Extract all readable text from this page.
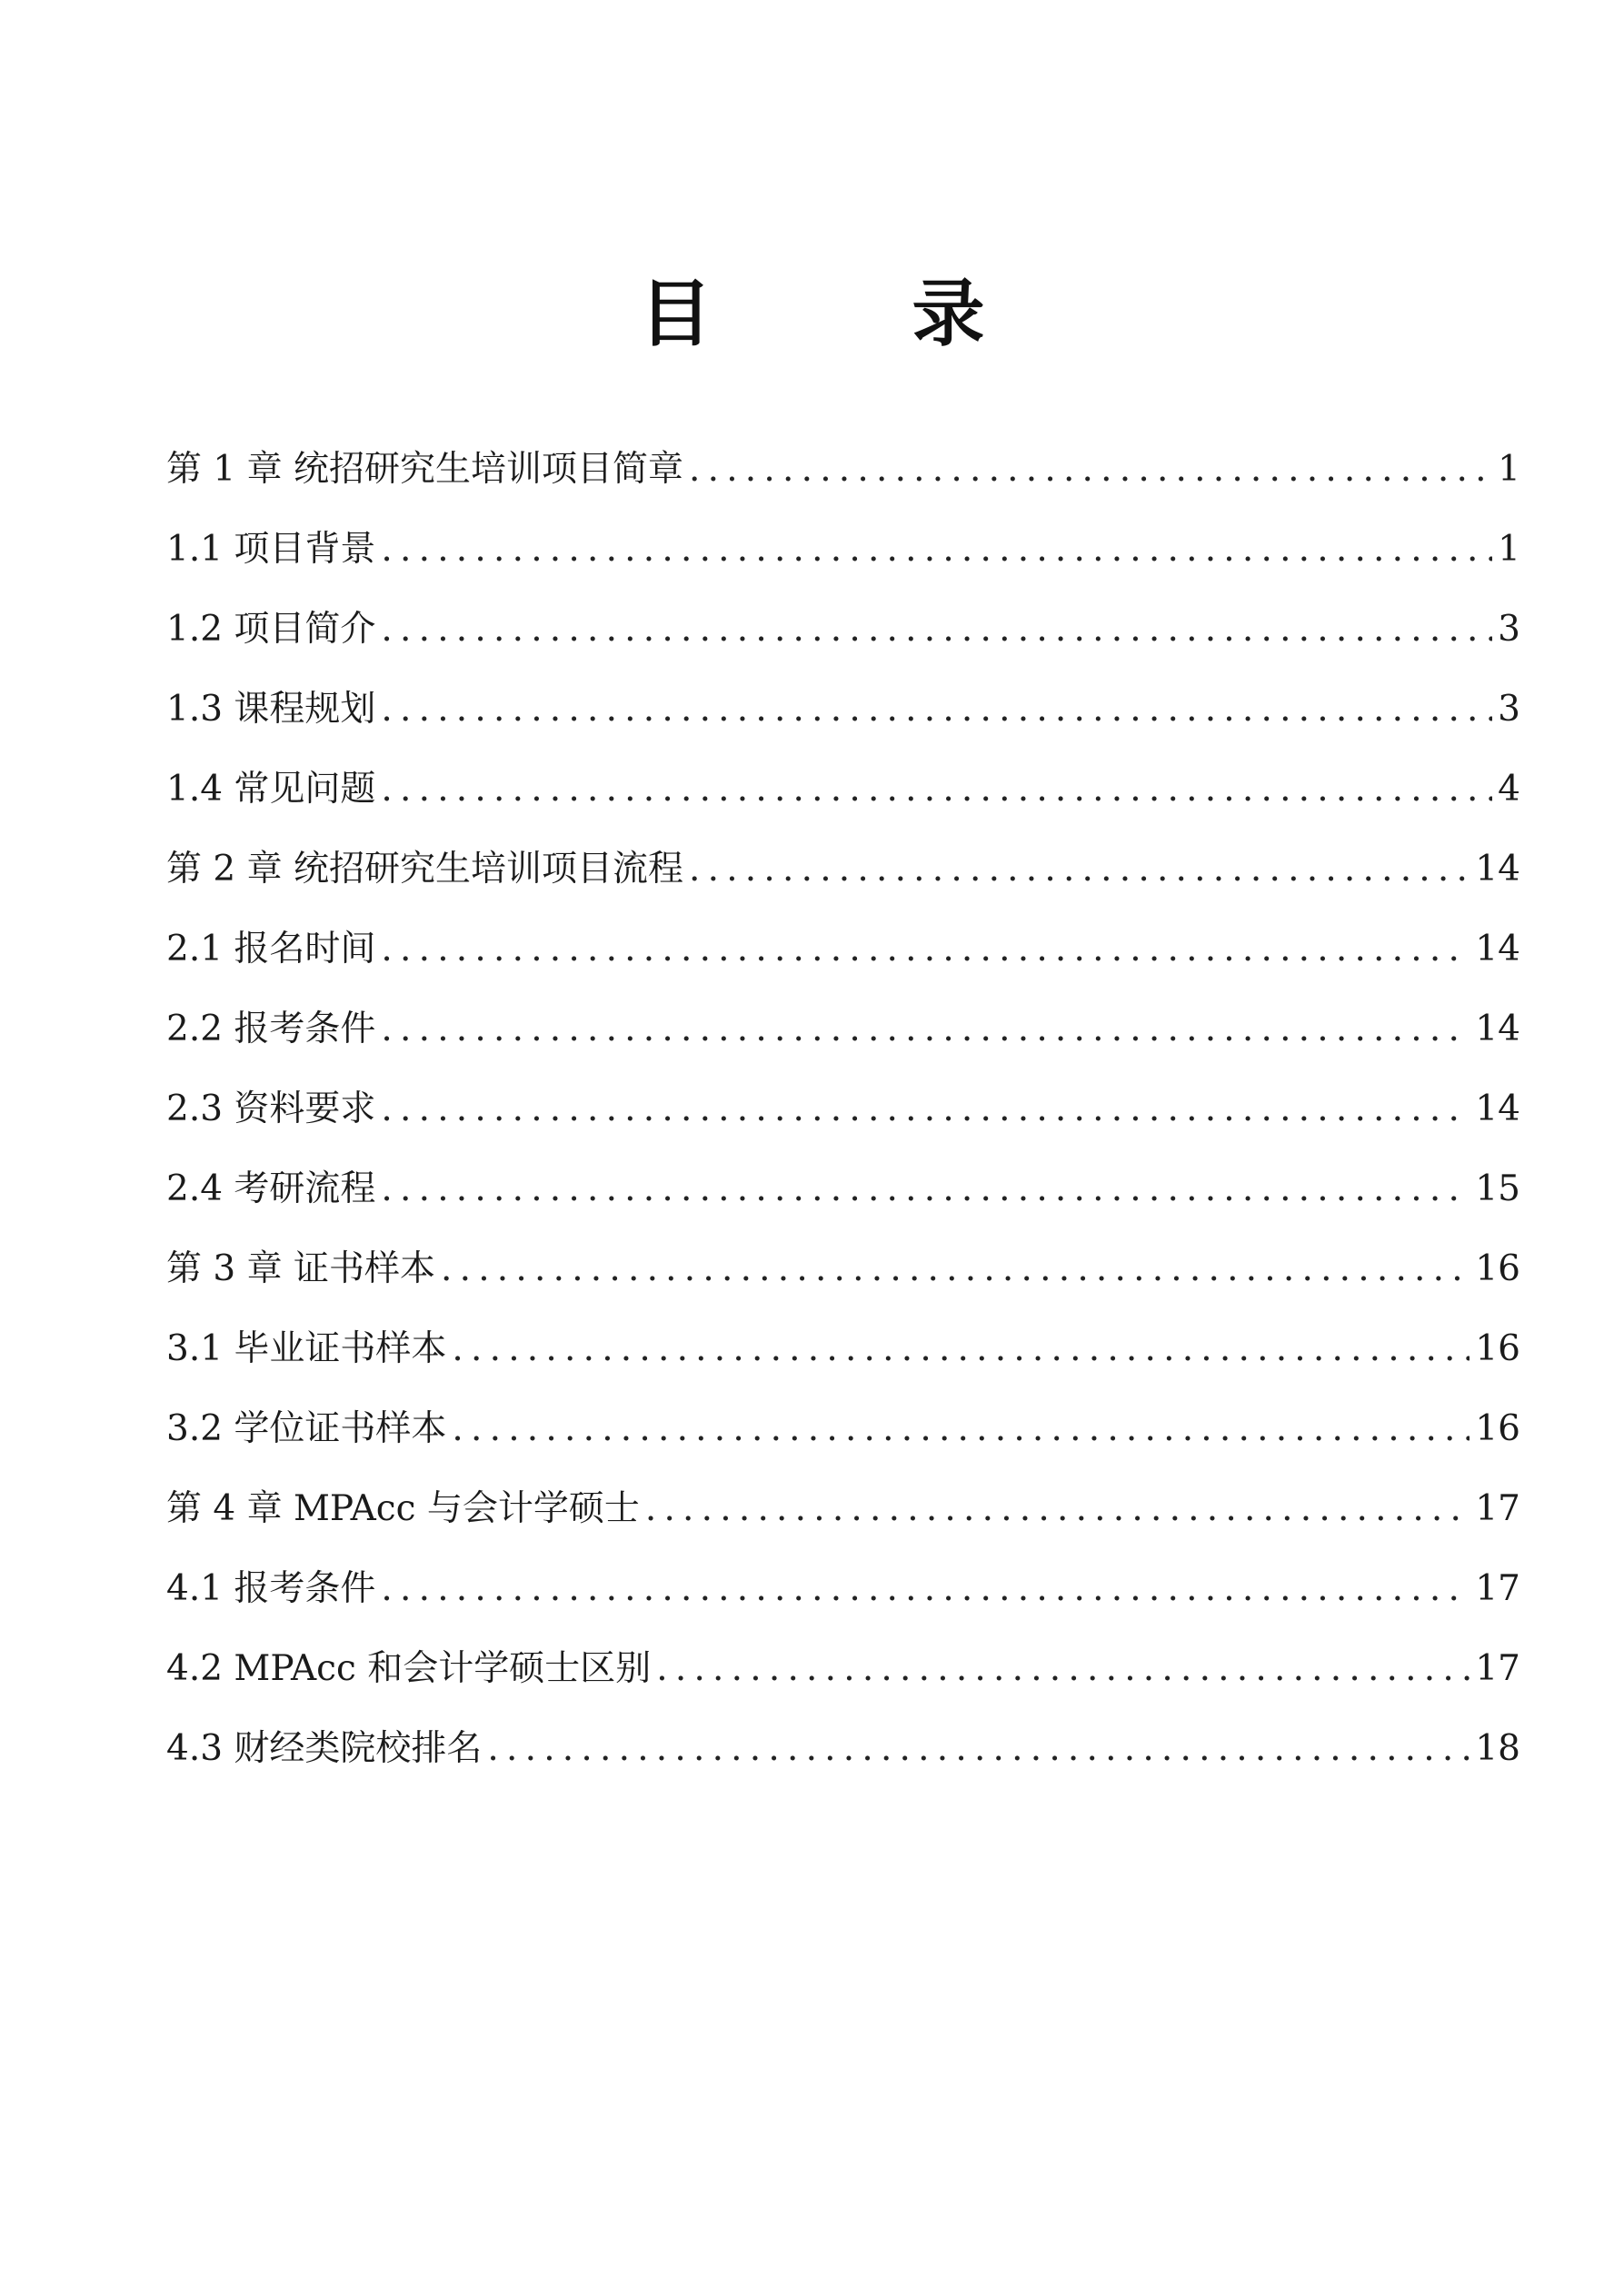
目　录
第 1 章 统招研究生培训项目简章 .....	1
1.1 项目背景 .....	1
1.2 项目简介 .....	3
1.3 课程规划 .....	3
1.4 常见问题 .....	4
第 2 章 统招研究生培训项目流程 .....	14
2.1 报名时间 .....	14
2.2 报考条件 .....	14
2.3 资料要求 .....	14
2.4 考研流程 .....	15
第 3 章 证书样本 .....	16
3.1 毕业证书样本 .....	16
3.2 学位证书样本 .....	16
第 4 章 MPAcc 与会计学硕士 .....	17
4.1 报考条件 .....	17
4.2 MPAcc 和会计学硕士区别 .....	17
4.3 财经类院校排名 .....	18
